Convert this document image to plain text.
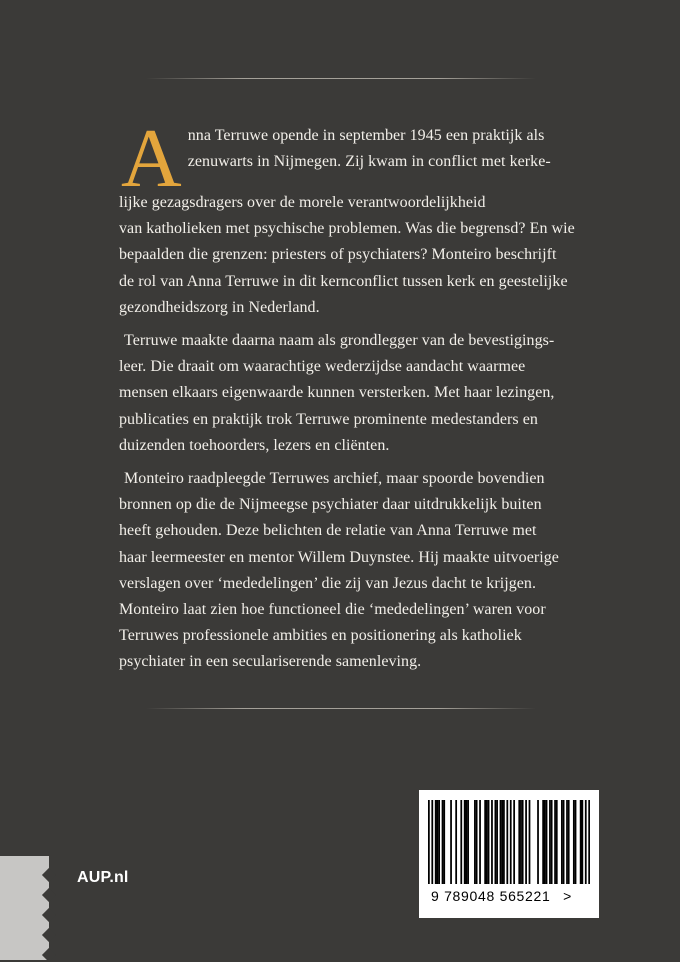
A nna Terruwe opende in september 1945 een praktijk als
zenuwarts in Nijmegen. Zij kwam in conflict met kerke-
lijke gezagsdragers over de morele verantwoordelijkheid
van katholieken met psychische problemen. Was die begrensd? En wie
bepaalden die grenzen: priesters of psychiaters? Monteiro beschrijft
de rol van Anna Terruwe in dit kernconflict tussen kerk en geestelijke
gezondheidszorg in Nederland.

Terruwe maakte daarna naam als grondlegger van de bevestigings-
leer. Die draait om waarachtige wederzijdse aandacht waarmee
mensen elkaars eigenwaarde kunnen versterken. Met haar lezingen,
publicaties en praktijk trok Terruwe prominente medestanders en
duizenden toehoorders, lezers en cliënten.

Monteiro raadpleegde Terruwes archief, maar spoorde bovendien
bronnen op die de Nijmeegse psychiater daar uitdrukkelijk buiten
heeft gehouden. Deze belichten de relatie van Anna Terruwe met
haar leermeester en mentor Willem Duynstee. Hij maakte uitvoerige
verslagen over ‘mededelingen’ die zij van Jezus dacht te krijgen.
Monteiro laat zien hoe functioneel die ‘mededelingen’ waren voor
Terruwes professionele ambities en positionering als katholiek
psychiater in een seculariserende samenleving.

AUP.nl
9 789048 565221 >
